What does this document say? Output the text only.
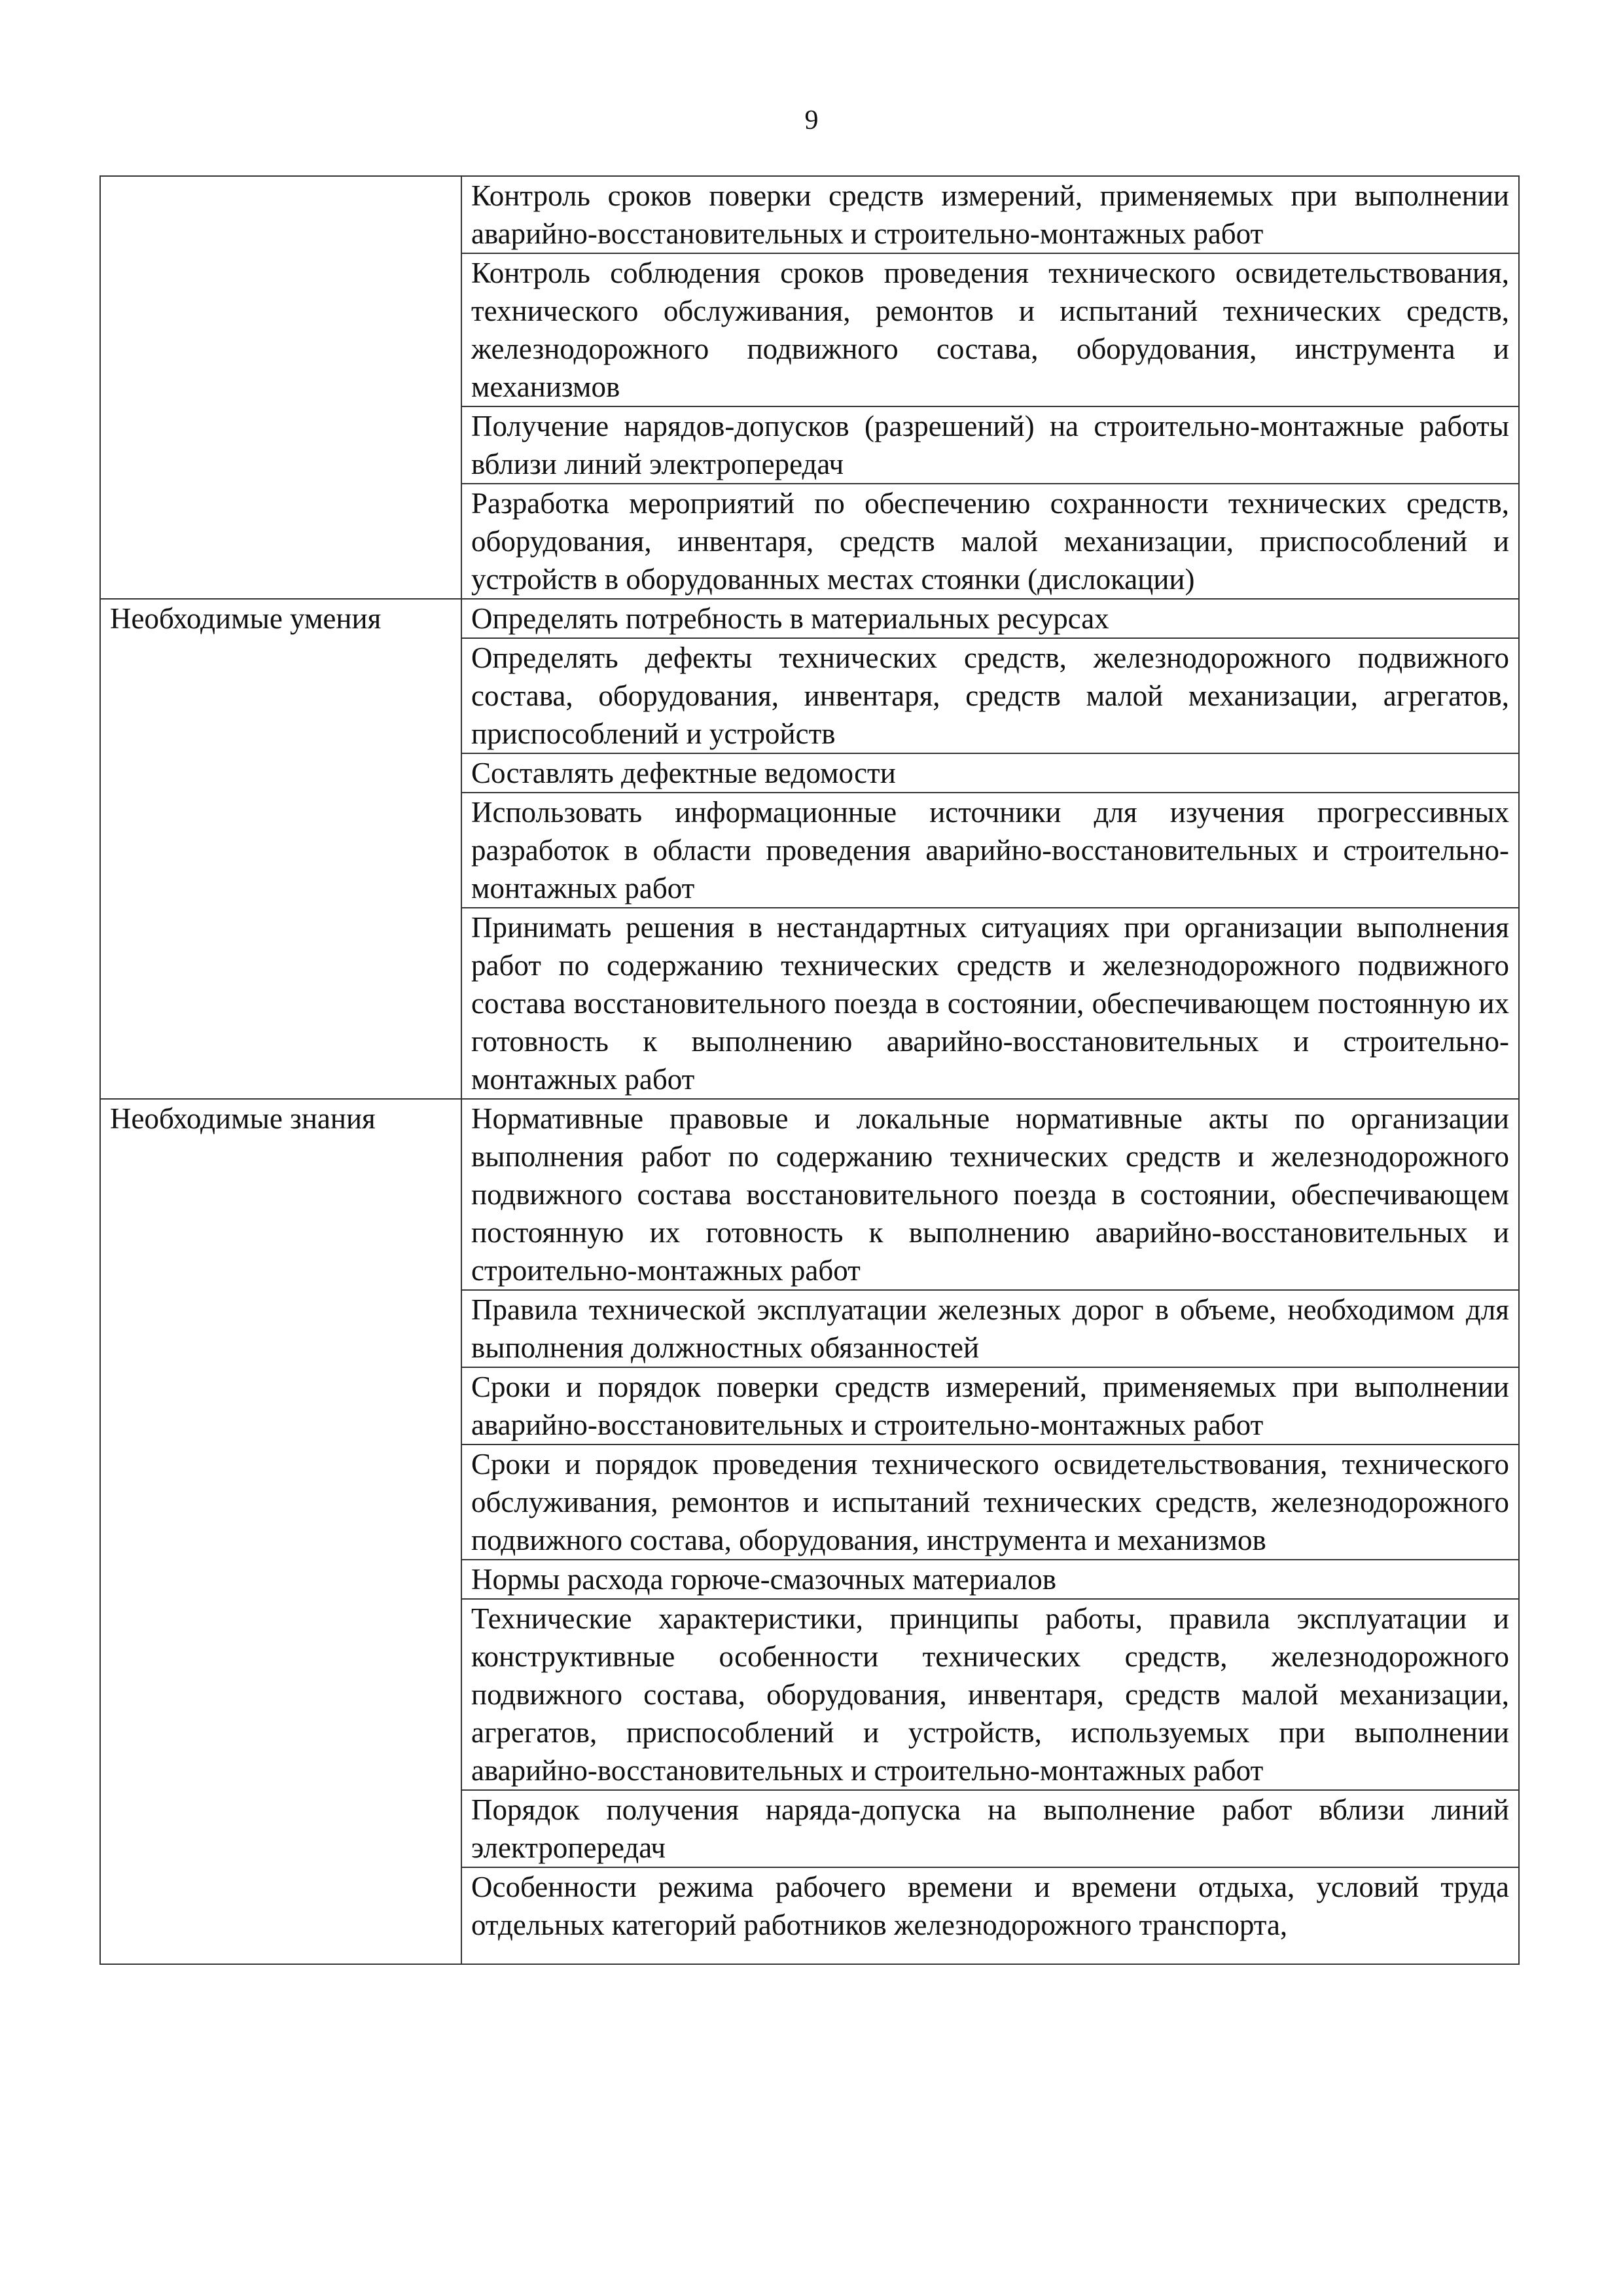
9
	Контроль сроков поверки средств измерений, применяемых при выполнении аварийно-восстановительных и строительно-монтажных работ
	Контроль соблюдения сроков проведения технического освидетельствования, технического обслуживания, ремонтов и испытаний технических средств, железнодорожного подвижного состава, оборудования, инструмента и механизмов
	Получение нарядов-допусков (разрешений) на строительно-монтажные работы вблизи линий электропередач
	Разработка мероприятий по обеспечению сохранности технических средств, оборудования, инвентаря, средств малой механизации, приспособлений и устройств в оборудованных местах стоянки (дислокации)
Необходимые умения	Определять потребность в материальных ресурсах
	Определять дефекты технических средств, железнодорожного подвижного состава, оборудования, инвентаря, средств малой механизации, агрегатов, приспособлений и устройств
	Составлять дефектные ведомости
	Использовать информационные источники для изучения прогрессивных разработок в области проведения аварийно-восстановительных и строительно-монтажных работ
	Принимать решения в нестандартных ситуациях при организации выполнения работ по содержанию технических средств и железнодорожного подвижного состава восстановительного поезда в состоянии, обеспечивающем постоянную их готовность к выполнению аварийно-восстановительных и строительно-монтажных работ
Необходимые знания	Нормативные правовые и локальные нормативные акты по организации выполнения работ по содержанию технических средств и железнодорожного подвижного состава восстановительного поезда в состоянии, обеспечивающем постоянную их готовность к выполнению аварийно-восстановительных и строительно-монтажных работ
	Правила технической эксплуатации железных дорог в объеме, необходимом для выполнения должностных обязанностей
	Сроки и порядок поверки средств измерений, применяемых при выполнении аварийно-восстановительных и строительно-монтажных работ
	Сроки и порядок проведения технического освидетельствования, технического обслуживания, ремонтов и испытаний технических средств, железнодорожного подвижного состава, оборудования, инструмента и механизмов
	Нормы расхода горюче-смазочных материалов
	Технические характеристики, принципы работы, правила эксплуатации и конструктивные особенности технических средств, железнодорожного подвижного состава, оборудования, инвентаря, средств малой механизации, агрегатов, приспособлений и устройств, используемых при выполнении аварийно-восстановительных и строительно-монтажных работ
	Порядок получения наряда-допуска на выполнение работ вблизи линий электропередач

	Особенности режима рабочего времени и времени отдыха, условий труда отдельных категорий работников железнодорожного транспорта,
